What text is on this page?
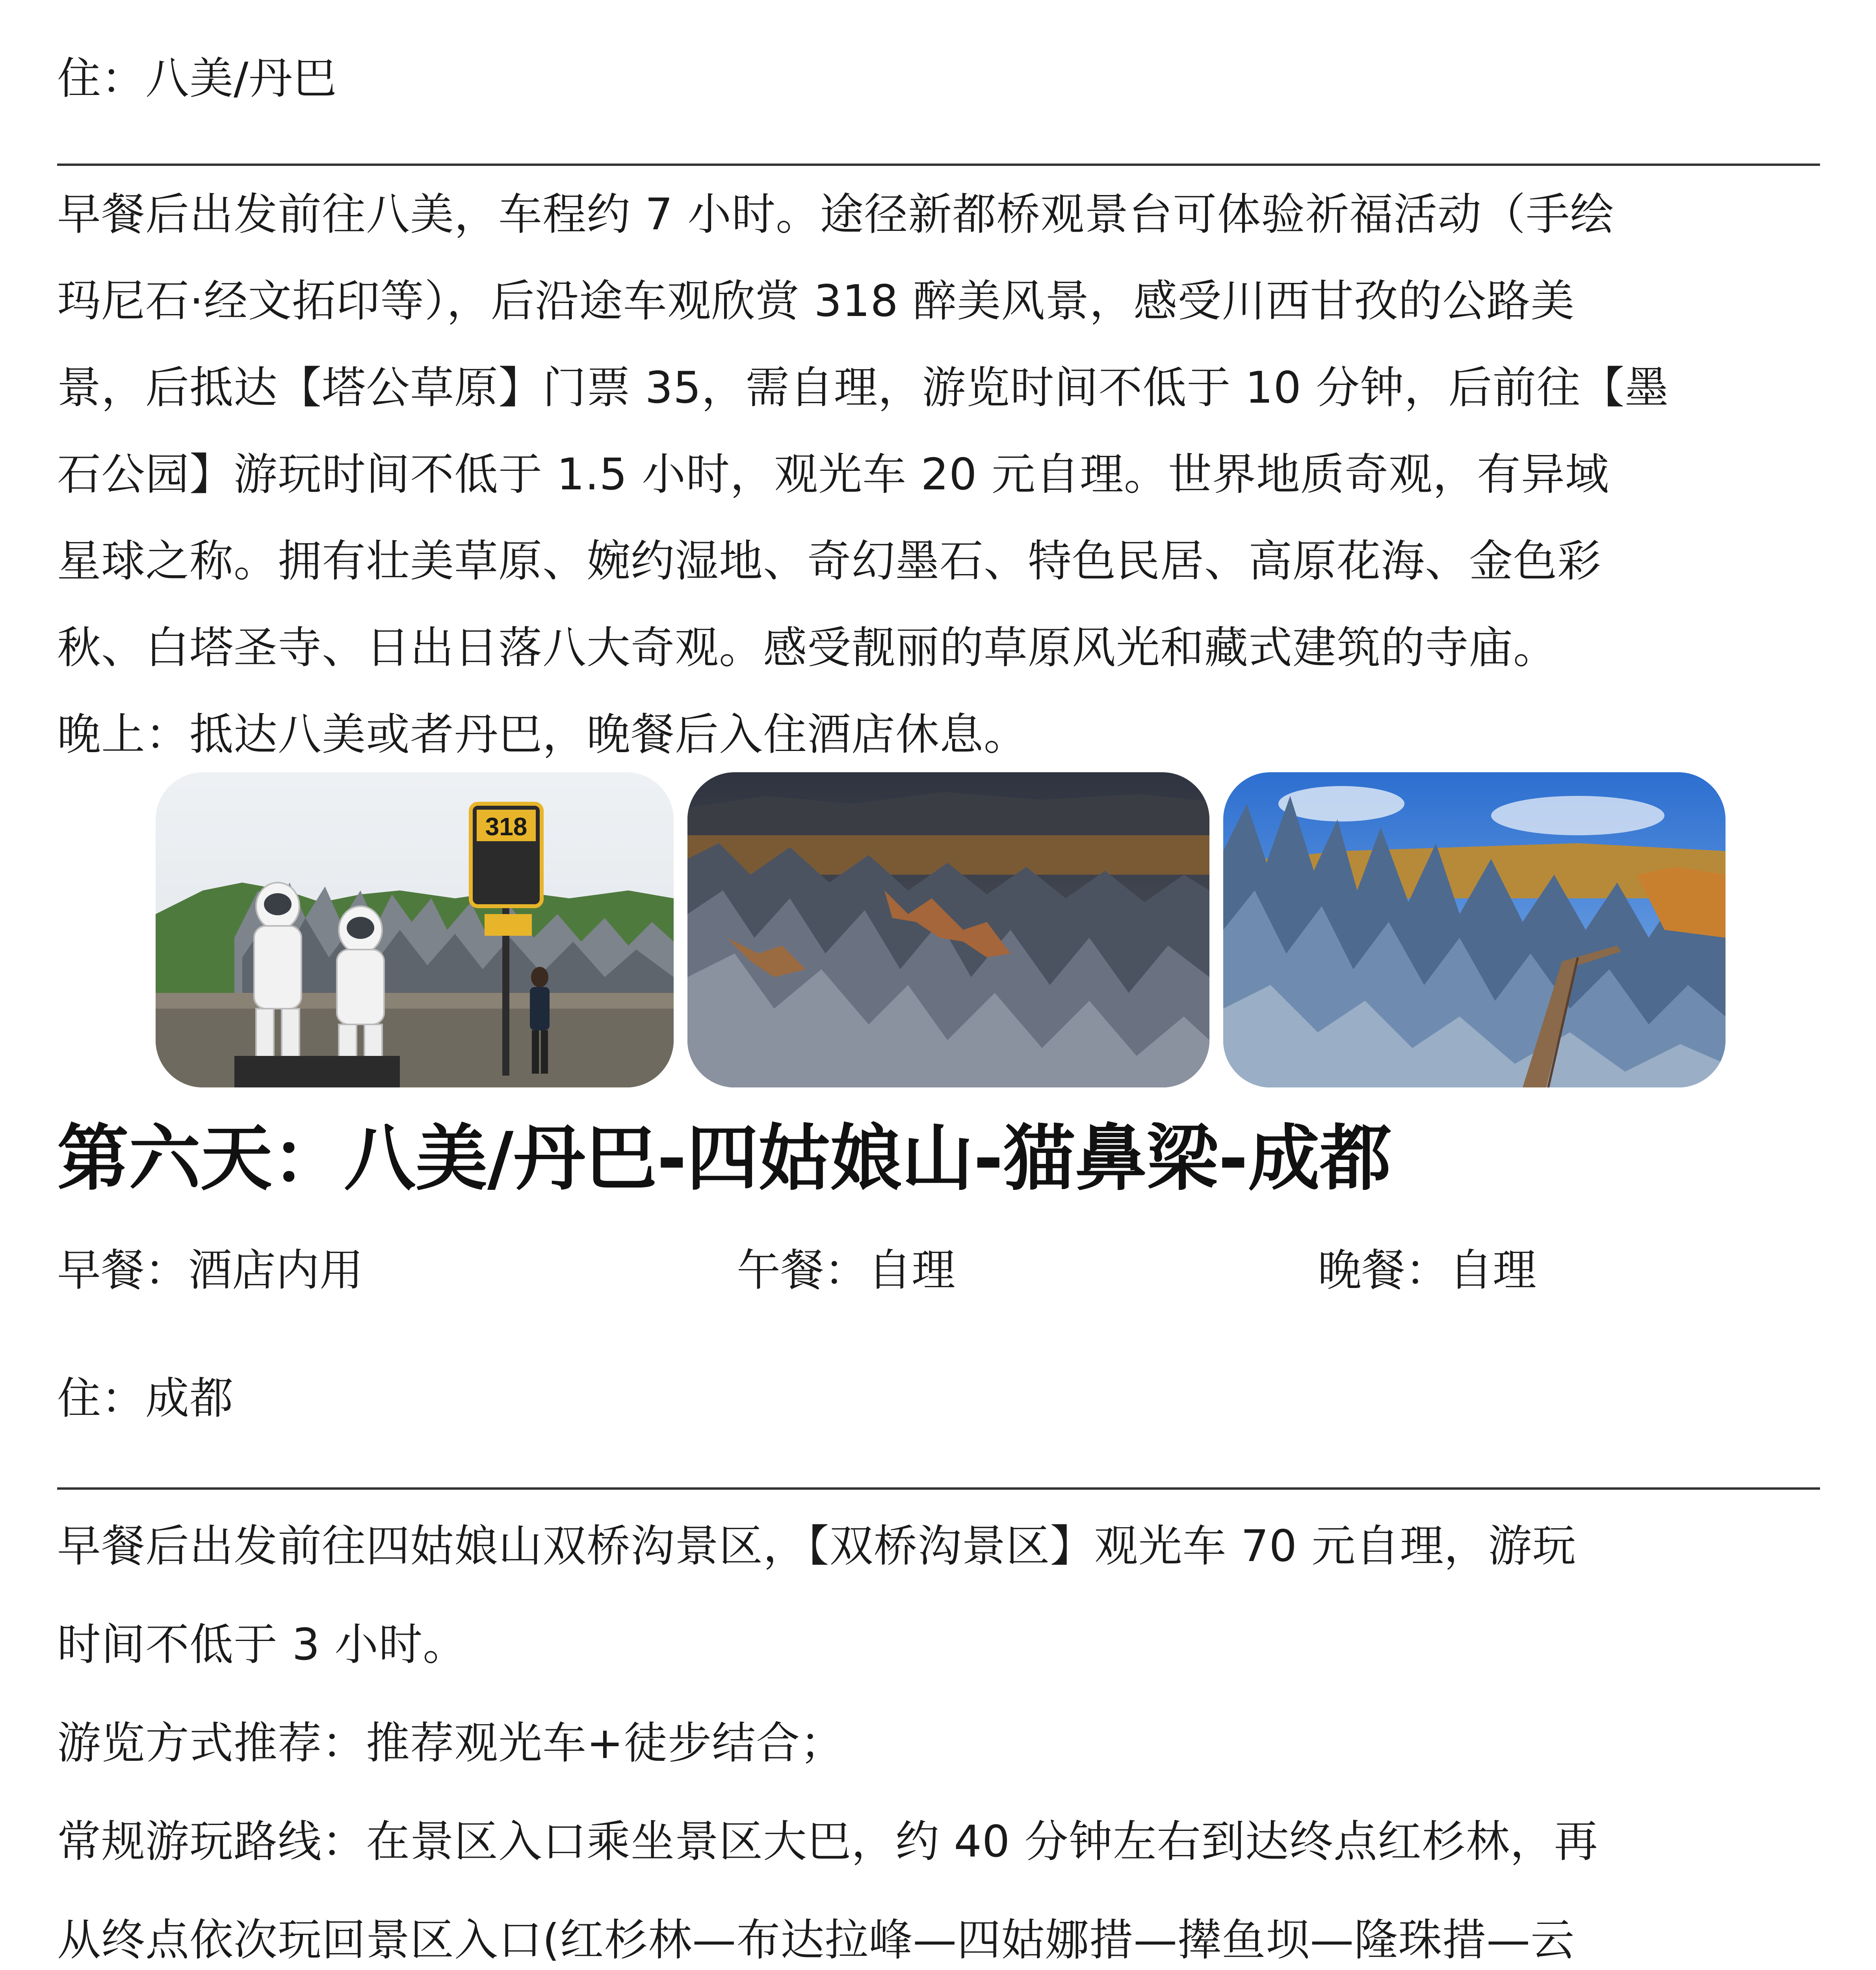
住：八美/丹巴
早餐后出发前往八美，车程约 7 小时。途径新都桥观景台可体验祈福活动（手绘
玛尼石·经文拓印等），后沿途车观欣赏 318 醉美风景，感受川西甘孜的公路美
景，后抵达【塔公草原】门票 35，需自理，游览时间不低于 10 分钟，后前往【墨
石公园】游玩时间不低于 1.5 小时，观光车 20 元自理。世界地质奇观，有异域
星球之称。拥有壮美草原、婉约湿地、奇幻墨石、特色民居、高原花海、金色彩
秋、白塔圣寺、日出日落八大奇观。感受靓丽的草原风光和藏式建筑的寺庙。
晚上：抵达八美或者丹巴，晚餐后入住酒店休息。
318
第六天：八美/丹巴-四姑娘山-猫鼻梁-成都
早餐：酒店内用	午餐：自理	晚餐：自理
住：成都
早餐后出发前往四姑娘山双桥沟景区，【双桥沟景区】观光车 70 元自理，游玩
时间不低于 3 小时。
游览方式推荐：推荐观光车+徒步结合；
常规游玩路线：在景区入口乘坐景区大巴，约 40 分钟左右到达终点红杉林，再
从终点依次玩回景区入口(红杉林—布达拉峰—四姑娜措—撵鱼坝—隆珠措—云
